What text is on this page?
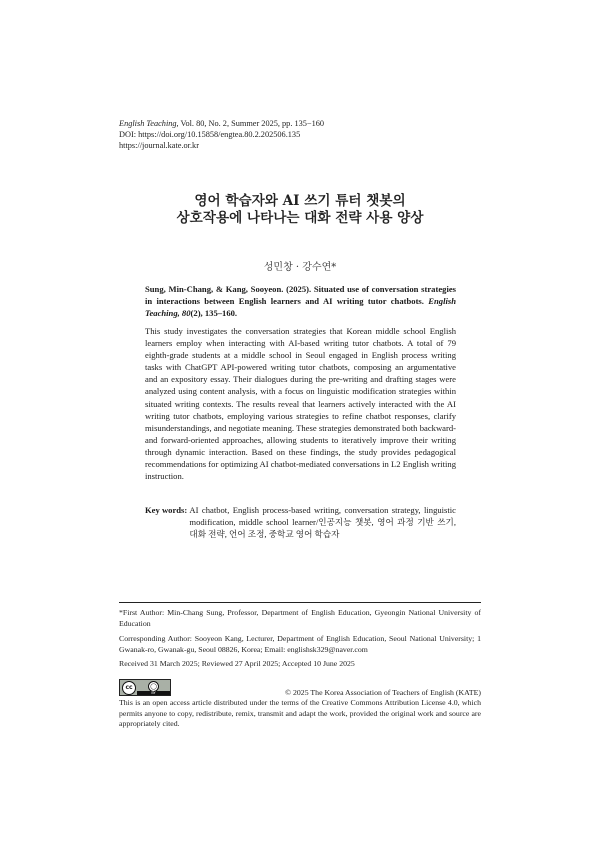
English Teaching, Vol. 80, No. 2, Summer 2025, pp. 135−160
DOI: https://doi.org/10.15858/engtea.80.2.202506.135
https://journal.kate.or.kr
영어 학습자와 AI 쓰기 튜터 챗봇의
상호작용에 나타나는 대화 전략 사용 양상
성민창 · 강수연*
Sung, Min-Chang, & Kang, Sooyeon. (2025). Situated use of conversation strategies in interactions between English learners and AI writing tutor chatbots. English Teaching, 80(2), 135–160.
This study investigates the conversation strategies that Korean middle school English learners employ when interacting with AI-based writing tutor chatbots. A total of 79 eighth-grade students at a middle school in Seoul engaged in English process writing tasks with ChatGPT API-powered writing tutor chatbots, composing an argumentative and an expository essay. Their dialogues during the pre-writing and drafting stages were analyzed using content analysis, with a focus on linguistic modification strategies within situated writing contexts. The results reveal that learners actively interacted with the AI writing tutor chatbots, employing various strategies to refine chatbot responses, clarify misunderstandings, and negotiate meaning. These strategies demonstrated both backward- and forward-oriented approaches, allowing students to iteratively improve their writing through dynamic interaction. Based on these findings, the study provides pedagogical recommendations for optimizing AI chatbot-mediated conversations in L2 English writing instruction.
Key words : AI chatbot, English process-based writing, conversation strategy, linguistic modification, middle school learner/인공지능 챗봇, 영어 과정 기반 쓰기, 대화 전략, 언어 조정, 중학교 영어 학습자
*First Author: Min-Chang Sung, Professor, Department of English Education, Gyeongin National University of Education
Corresponding Author: Sooyeon Kang, Lecturer, Department of English Education, Seoul National University; 1 Gwanak-ro, Gwanak-gu, Seoul 08826, Korea; Email: englishsk329@naver.com
Received 31 March 2025; Reviewed 27 April 2025; Accepted 10 June 2025
cc	◯
BY	© 2025 The Korea Association of Teachers of English (KATE)
This is an open access article distributed under the terms of the Creative Commons Attribution License 4.0, which permits anyone to copy, redistribute, remix, transmit and adapt the work, provided the original work and source are appropriately cited.
